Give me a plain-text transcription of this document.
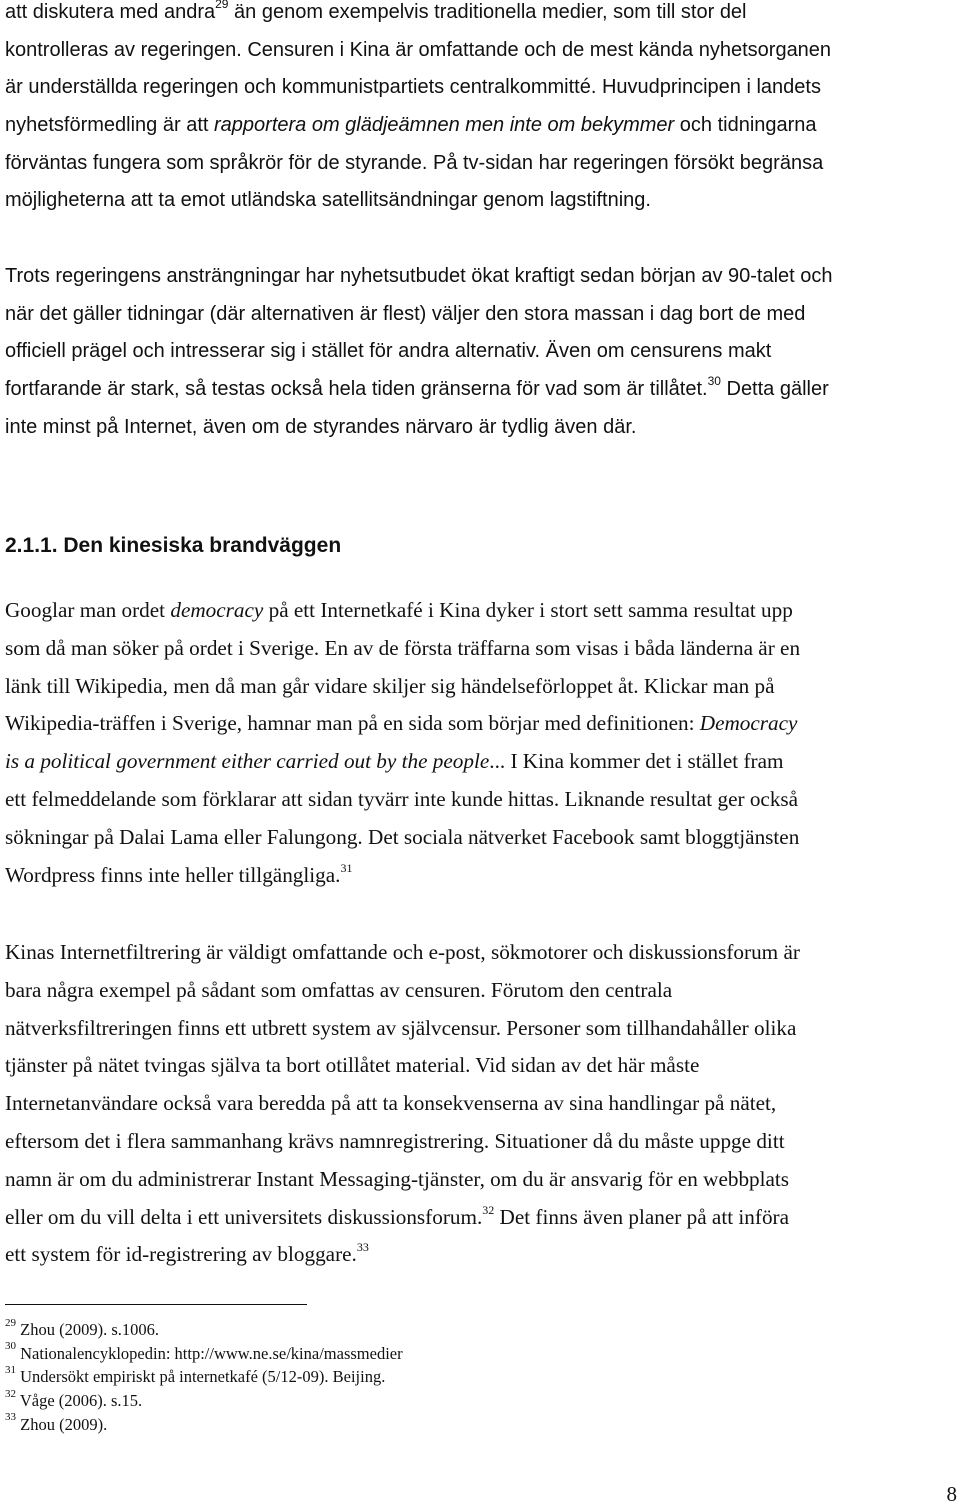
att diskutera med andra$^{29}$ än genom exempelvis traditionella medier, som till stor del
kontrolleras av regeringen. Censuren i Kina är omfattande och de mest kända nyhetsorganen
är underställda regeringen och kommunistpartiets centralkommitté. Huvudprincipen i landets
nyhetsförmedling är att rapportera om glädjeämnen men inte om bekymmer och tidningarna
förväntas fungera som språkrör för de styrande. På tv-sidan har regeringen försökt begränsa
möjligheterna att ta emot utländska satellitsändningar genom lagstiftning.

Trots regeringens ansträngningar har nyhetsutbudet ökat kraftigt sedan början av 90-talet och
när det gäller tidningar (där alternativen är flest) väljer den stora massan i dag bort de med
officiell prägel och intresserar sig i stället för andra alternativ. Även om censurens makt
fortfarande är stark, så testas också hela tiden gränserna för vad som är tillåtet.$^{30}$ Detta gäller
inte minst på Internet, även om de styrandes närvaro är tydlig även där.

2.1.1. Den kinesiska brandväggen

Googlar man ordet democracy på ett Internetkafé i Kina dyker i stort sett samma resultat upp
som då man söker på ordet i Sverige. En av de första träffarna som visas i båda länderna är en
länk till Wikipedia, men då man går vidare skiljer sig händelseförloppet åt. Klickar man på
Wikipedia-träffen i Sverige, hamnar man på en sida som börjar med definitionen: Democracy
is a political government either carried out by the people... I Kina kommer det i stället fram
ett felmeddelande som förklarar att sidan tyvärr inte kunde hittas. Liknande resultat ger också
sökningar på Dalai Lama eller Falungong. Det sociala nätverket Facebook samt bloggtjänsten
Wordpress finns inte heller tillgängliga.$^{31}$

Kinas Internetfiltrering är väldigt omfattande och e-post, sökmotorer och diskussionsforum är
bara några exempel på sådant som omfattas av censuren. Förutom den centrala
nätverksfiltreringen finns ett utbrett system av självcensur. Personer som tillhandahåller olika
tjänster på nätet tvingas själva ta bort otillåtet material. Vid sidan av det här måste
Internetanvändare också vara beredda på att ta konsekvenserna av sina handlingar på nätet,
eftersom det i flera sammanhang krävs namnregistrering. Situationer då du måste uppge ditt
namn är om du administrerar Instant Messaging-tjänster, om du är ansvarig för en webbplats
eller om du vill delta i ett universitets diskussionsforum.$^{32}$ Det finns även planer på att införa
ett system för id-registrering av bloggare.$^{33}$

$^{29}$ Zhou (2009). s.1006.
$^{30}$ Nationalencyklopedin: http://www.ne.se/kina/massmedier
$^{31}$ Undersökt empiriskt på internetkafé (5/12-09). Beijing.
$^{32}$ Våge (2006). s.15.
$^{33}$ Zhou (2009).
8
